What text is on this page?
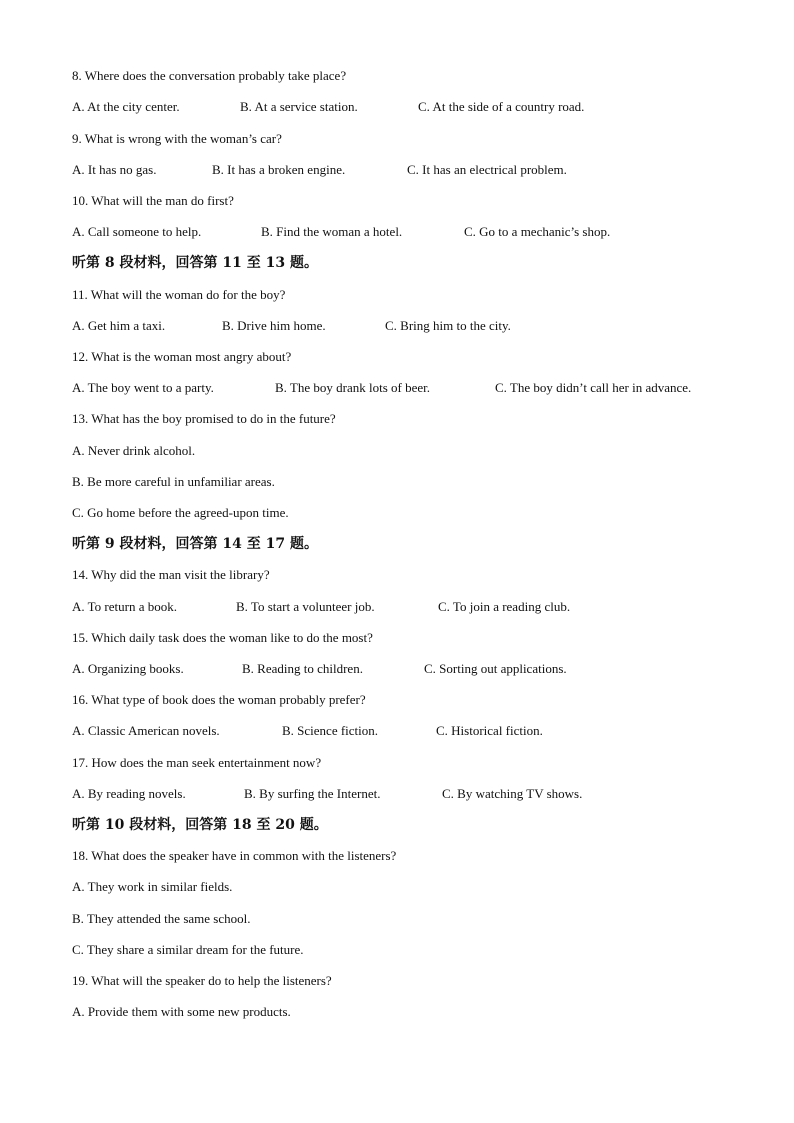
8. Where does the conversation probably take place?
A. At the city center.	B. At a service station.	C. At the side of a country road.
9. What is wrong with the woman’s car?
A. It has no gas.	B. It has a broken engine.	C. It has an electrical problem.
10. What will the man do first?
A. Call someone to help.	B. Find the woman a hotel.	C. Go to a mechanic’s shop.
听第 8 段材料，回答第 11 至 13 题。
11. What will the woman do for the boy?
A. Get him a taxi.	B. Drive him home.	C. Bring him to the city.
12. What is the woman most angry about?
A. The boy went to a party.	B. The boy drank lots of beer.	C. The boy didn’t call her in advance.
13. What has the boy promised to do in the future?
A. Never drink alcohol.
B. Be more careful in unfamiliar areas.
C. Go home before the agreed-upon time.
听第 9 段材料，回答第 14 至 17 题。
14. Why did the man visit the library?
A. To return a book.	B. To start a volunteer job.	C. To join a reading club.
15. Which daily task does the woman like to do the most?
A. Organizing books.	B. Reading to children.	C. Sorting out applications.
16. What type of book does the woman probably prefer?
A. Classic American novels.	B. Science fiction.	C. Historical fiction.
17. How does the man seek entertainment now?
A. By reading novels.	B. By surfing the Internet.	C. By watching TV shows.
听第 10 段材料，回答第 18 至 20 题。
18. What does the speaker have in common with the listeners?
A. They work in similar fields.
B. They attended the same school.
C. They share a similar dream for the future.
19. What will the speaker do to help the listeners?
A. Provide them with some new products.
